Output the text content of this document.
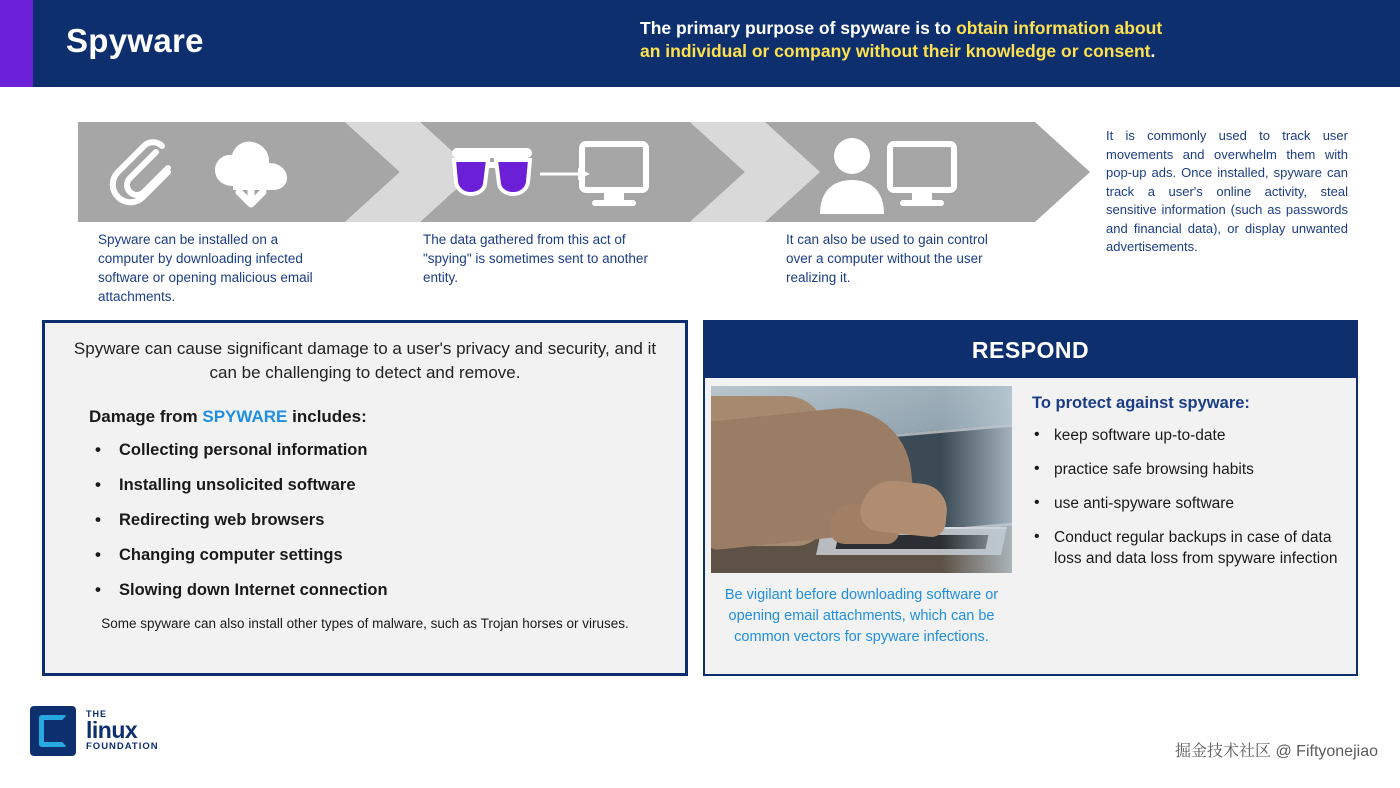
Spyware	The primary purpose of spyware is to obtain information about
an individual or company without their knowledge or consent.
Spyware can be installed on a computer by downloading infected software or opening malicious email attachments.
The data gathered from this act of "spying" is sometimes sent to another entity.
It can also be used to gain control over a computer without the user realizing it.
It is commonly used to track user movements and overwhelm them with pop-up ads. Once installed, spyware can track a user's online activity, steal sensitive information (such as passwords and financial data), or display unwanted advertisements.
Spyware can cause significant damage to a user's privacy and security, and it can be challenging to detect and remove.
Damage from SPYWARE includes:
• Collecting personal information
• Installing unsolicited software
• Redirecting web browsers
• Changing computer settings
• Slowing down Internet connection
Some spyware can also install other types of malware, such as Trojan horses or viruses.
RESPOND
Be vigilant before downloading software or opening email attachments, which can be common vectors for spyware infections.
To protect against spyware:
• keep software up-to-date
• practice safe browsing habits
• use anti-spyware software
• Conduct regular backups in case of data loss and data loss from spyware infection
THE
linux
FOUNDATION	掘金技术社区 @ Fiftyonejiao
